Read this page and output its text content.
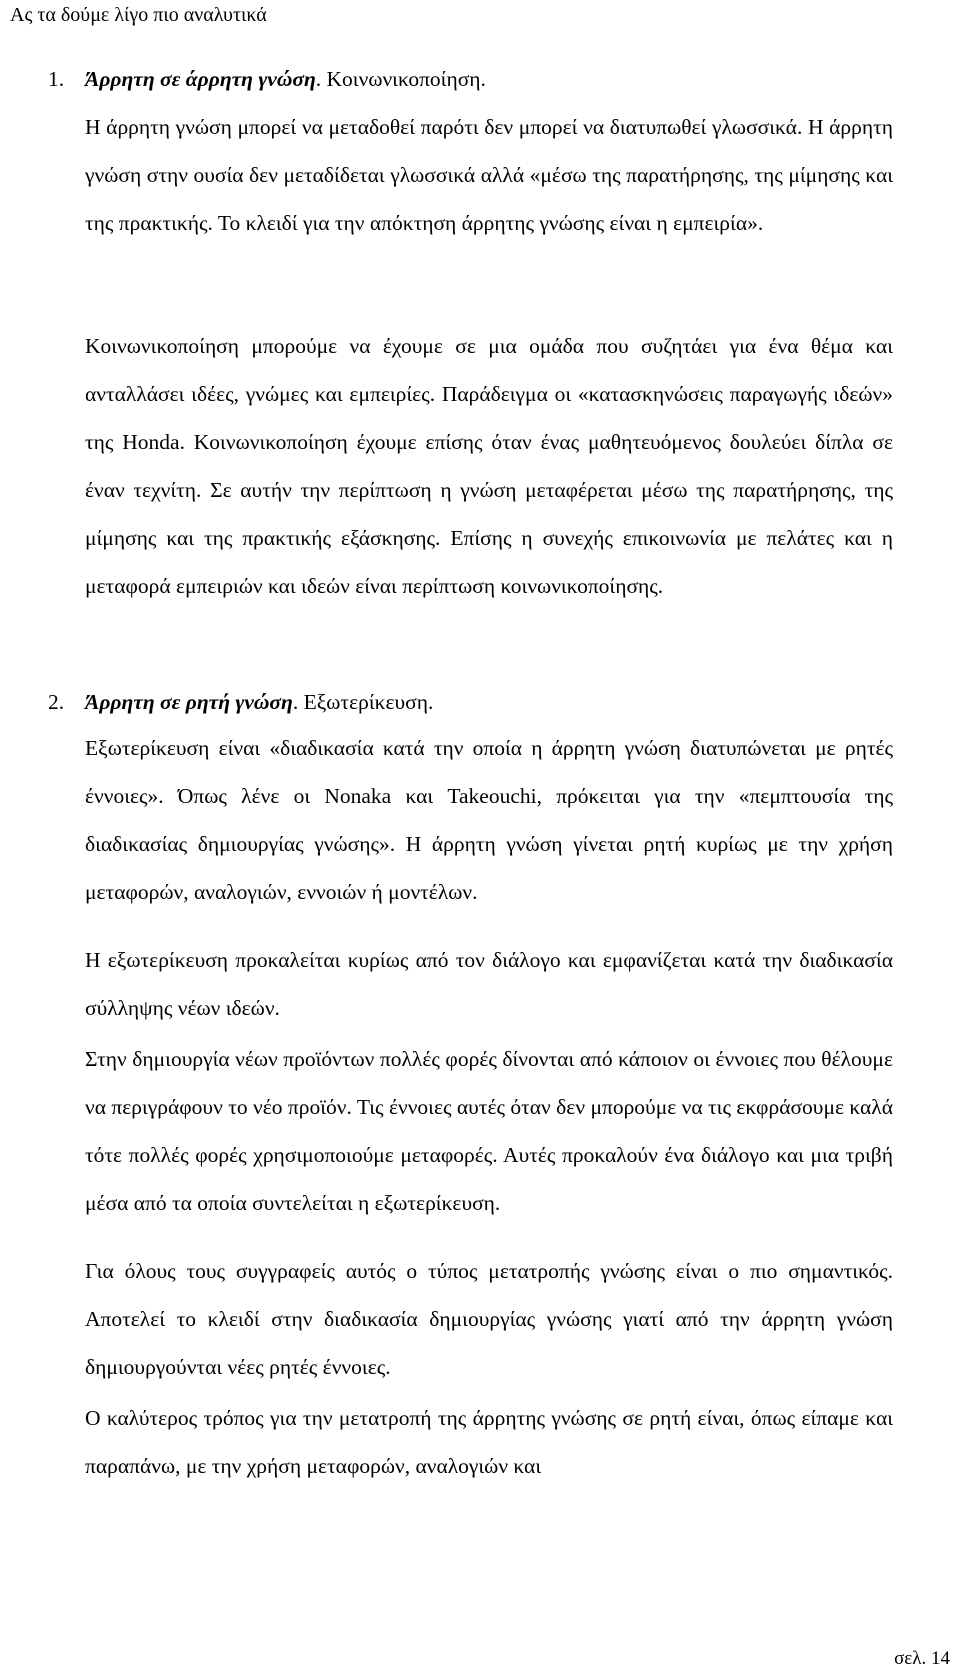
Ας τα δούμε λίγο πιο αναλυτικά

1. Άρρητη σε άρρητη γνώση. Κοινωνικοποίηση.

Η άρρητη γνώση μπορεί να μεταδοθεί παρότι δεν μπορεί να διατυπωθεί γλωσσικά. Η άρρητη γνώση στην ουσία δεν μεταδίδεται γλωσσικά αλλά «μέσω της παρατήρησης, της μίμησης και της πρακτικής. Το κλειδί για την απόκτηση άρρητης γνώσης είναι η εμπειρία».

Κοινωνικοποίηση μπορούμε να έχουμε σε μια ομάδα που συζητάει για ένα θέμα και ανταλλάσει ιδέες, γνώμες και εμπειρίες. Παράδειγμα οι «κατασκηνώσεις παραγωγής ιδεών» της Honda. Κοινωνικοποίηση έχουμε επίσης όταν ένας μαθητευόμενος δουλεύει δίπλα σε έναν τεχνίτη. Σε αυτήν την περίπτωση η γνώση μεταφέρεται μέσω της παρατήρησης, της μίμησης και της πρακτικής εξάσκησης. Επίσης η συνεχής επικοινωνία με πελάτες και η μεταφορά εμπειριών και ιδεών είναι περίπτωση κοινωνικοποίησης.

2. Άρρητη σε ρητή γνώση. Εξωτερίκευση.

Εξωτερίκευση είναι «διαδικασία κατά την οποία η άρρητη γνώση διατυπώνεται με ρητές έννοιες». Όπως λένε οι Nonaka και Takeouchi, πρόκειται για την «πεμπτουσία της διαδικασίας δημιουργίας γνώσης». Η άρρητη γνώση γίνεται ρητή κυρίως με την χρήση μεταφορών, αναλογιών, εννοιών ή μοντέλων.

Η εξωτερίκευση προκαλείται κυρίως από τον διάλογο και εμφανίζεται κατά την διαδικασία σύλληψης νέων ιδεών.

Στην δημιουργία νέων προϊόντων πολλές φορές δίνονται από κάποιον οι έννοιες που θέλουμε να περιγράφουν το νέο προϊόν. Τις έννοιες αυτές όταν δεν μπορούμε να τις εκφράσουμε καλά τότε πολλές φορές χρησιμοποιούμε μεταφορές. Αυτές προκαλούν ένα διάλογο και μια τριβή μέσα από τα οποία συντελείται η εξωτερίκευση.

Για όλους τους συγγραφείς αυτός ο τύπος μετατροπής γνώσης είναι ο πιο σημαντικός. Αποτελεί το κλειδί στην διαδικασία δημιουργίας γνώσης γιατί από την άρρητη γνώση δημιουργούνται νέες ρητές έννοιες.

Ο καλύτερος τρόπος για την μετατροπή της άρρητης γνώσης σε ρητή είναι, όπως είπαμε και παραπάνω, με την χρήση μεταφορών, αναλογιών και

σελ. 14
